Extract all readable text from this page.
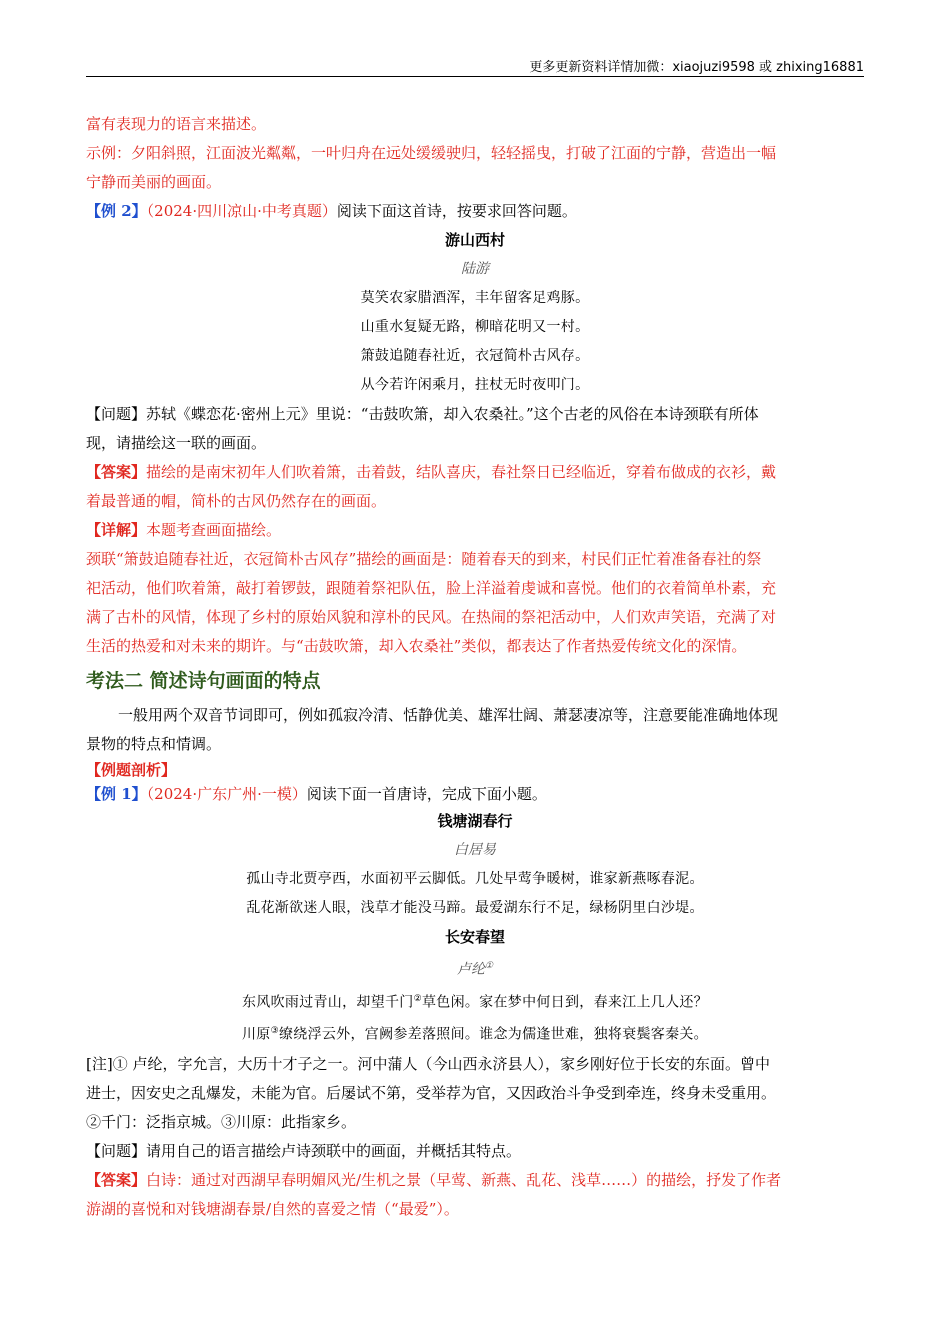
更多更新资料详情加微：xiaojuzi9598 或 zhixing16881
富有表现力的语言来描述。
示例：夕阳斜照，江面波光粼粼，一叶归舟在远处缓缓驶归，轻轻摇曳，打破了江面的宁静，营造出一幅
宁静而美丽的画面。
【例 2】（2024·四川凉山·中考真题）阅读下面这首诗，按要求回答问题。
游山西村
陆游
莫笑农家腊酒浑，丰年留客足鸡豚。
山重水复疑无路，柳暗花明又一村。
箫鼓追随春社近，衣冠简朴古风存。
从今若许闲乘月，拄杖无时夜叩门。
【问题】苏轼《蝶恋花·密州上元》里说：“击鼓吹箫，却入农桑社。”这个古老的风俗在本诗颈联有所体
现，请描绘这一联的画面。
【答案】描绘的是南宋初年人们吹着箫，击着鼓，结队喜庆，春社祭日已经临近，穿着布做成的衣衫，戴
着最普通的帽，简朴的古风仍然存在的画面。
【详解】本题考查画面描绘。
颈联“箫鼓追随春社近，衣冠简朴古风存”描绘的画面是：随着春天的到来，村民们正忙着准备春社的祭
祀活动，他们吹着箫，敲打着锣鼓，跟随着祭祀队伍，脸上洋溢着虔诚和喜悦。他们的衣着简单朴素，充
满了古朴的风情，体现了乡村的原始风貌和淳朴的民风。在热闹的祭祀活动中，人们欢声笑语，充满了对
生活的热爱和对未来的期许。与“击鼓吹箫，却入农桑社”类似，都表达了作者热爱传统文化的深情。
考法二 简述诗句画面的特点
一般用两个双音节词即可，例如孤寂冷清、恬静优美、雄浑壮阔、萧瑟凄凉等，注意要能准确地体现
景物的特点和情调。
【例题剖析】
【例 1】（2024·广东广州·一模）阅读下面一首唐诗，完成下面小题。
钱塘湖春行
白居易
孤山寺北贾亭西，水面初平云脚低。几处早莺争暖树，谁家新燕啄春泥。
乱花渐欲迷人眼，浅草才能没马蹄。最爱湖东行不足，绿杨阴里白沙堤。
长安春望
卢纶①
东风吹雨过青山，却望千门②草色闲。家在梦中何日到，春来江上几人还？
川原③缭绕浮云外，宫阙参差落照间。谁念为儒逢世难，独将衰鬓客秦关。
[注]① 卢纶，字允言，大历十才子之一。河中蒲人（今山西永济县人），家乡刚好位于长安的东面。曾中
进士，因安史之乱爆发，未能为官。后屡试不第，受举荐为官，又因政治斗争受到牵连，终身未受重用。
②千门：泛指京城。③川原：此指家乡。
【问题】请用自己的语言描绘卢诗颈联中的画面，并概括其特点。
【答案】白诗：通过对西湖早春明媚风光/生机之景（早莺、新燕、乱花、浅草……）的描绘，抒发了作者
游湖的喜悦和对钱塘湖春景/自然的喜爱之情（“最爱”）。
